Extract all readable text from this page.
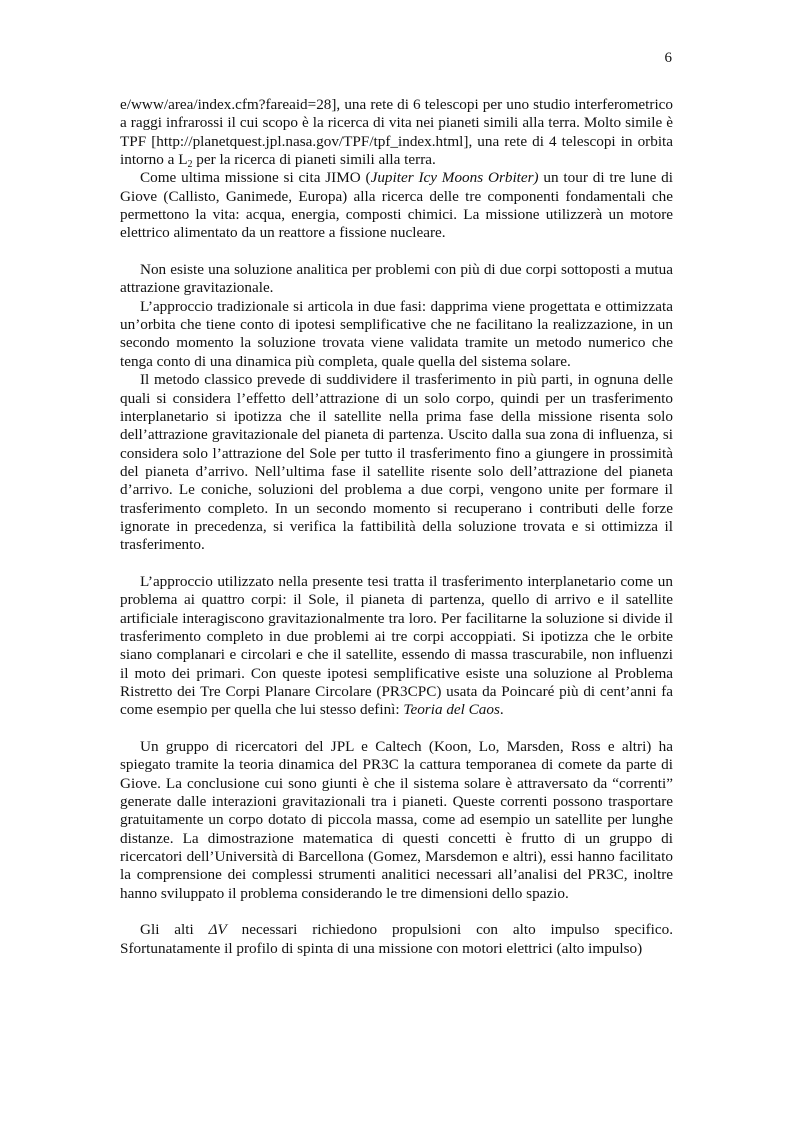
6

e/www/area/index.cfm?fareaid=28], una rete di 6 telescopi per uno studio interferometrico a raggi infrarossi il cui scopo è la ricerca di vita nei pianeti simili alla terra. Molto simile è TPF [http://planetquest.jpl.nasa.gov/TPF/tpf_index.html], una rete di 4 telescopi in orbita intorno a $L_2$ per la ricerca di pianeti simili alla terra.

Come ultima missione si cita JIMO (Jupiter Icy Moons Orbiter) un tour di tre lune di Giove (Callisto, Ganimede, Europa) alla ricerca delle tre componenti fondamentali che permettono la vita: acqua, energia, composti chimici. La missione utilizzerà un motore elettrico alimentato da un reattore a fissione nucleare.

Non esiste una soluzione analitica per problemi con più di due corpi sottoposti a mutua attrazione gravitazionale.

L’approccio tradizionale si articola in due fasi: dapprima viene progettata e ottimizzata un’orbita che tiene conto di ipotesi semplificative che ne facilitano la realizzazione, in un secondo momento la soluzione trovata viene validata tramite un metodo numerico che tenga conto di una dinamica più completa, quale quella del sistema solare.

Il metodo classico prevede di suddividere il trasferimento in più parti, in ognuna delle quali si considera l’effetto dell’attrazione di un solo corpo, quindi per un trasferimento interplanetario si ipotizza che il satellite nella prima fase della missione risenta solo dell’attrazione gravitazionale del pianeta di partenza. Uscito dalla sua zona di influenza, si considera solo l’attrazione del Sole per tutto il trasferimento fino a giungere in prossimità del pianeta d’arrivo. Nell’ultima fase il satellite risente solo dell’attrazione del pianeta d’arrivo. Le coniche, soluzioni del problema a due corpi, vengono unite per formare il trasferimento completo. In un secondo momento si recuperano i contributi delle forze ignorate in precedenza, si verifica la fattibilità della soluzione trovata e si ottimizza il trasferimento.

L’approccio utilizzato nella presente tesi tratta il trasferimento interplanetario come un problema ai quattro corpi: il Sole, il pianeta di partenza, quello di arrivo e il satellite artificiale interagiscono gravitazionalmente tra loro. Per facilitarne la soluzione si divide il trasferimento completo in due problemi ai tre corpi accoppiati. Si ipotizza che le orbite siano complanari e circolari e che il satellite, essendo di massa trascurabile, non influenzi il moto dei primari. Con queste ipotesi semplificative esiste una soluzione al Problema Ristretto dei Tre Corpi Planare Circolare (PR3CPC) usata da Poincaré più di cent’anni fa come esempio per quella che lui stesso definì: Teoria del Caos.

Un gruppo di ricercatori del JPL e Caltech (Koon, Lo, Marsden, Ross e altri) ha spiegato tramite la teoria dinamica del PR3C la cattura temporanea di comete da parte di Giove. La conclusione cui sono giunti è che il sistema solare è attraversato da “correnti” generate dalle interazioni gravitazionali tra i pianeti. Queste correnti possono trasportare gratuitamente un corpo dotato di piccola massa, come ad esempio un satellite per lunghe distanze. La dimostrazione matematica di questi concetti è frutto di un gruppo di ricercatori dell’Università di Barcellona (Gomez, Marsdemon e altri), essi hanno facilitato la comprensione dei complessi strumenti analitici necessari all’analisi del PR3C, inoltre hanno sviluppato il problema considerando le tre dimensioni dello spazio.

Gli alti ΔV necessari richiedono propulsioni con alto impulso specifico. Sfortunatamente il profilo di spinta di una missione con motori elettrici (alto impulso)
